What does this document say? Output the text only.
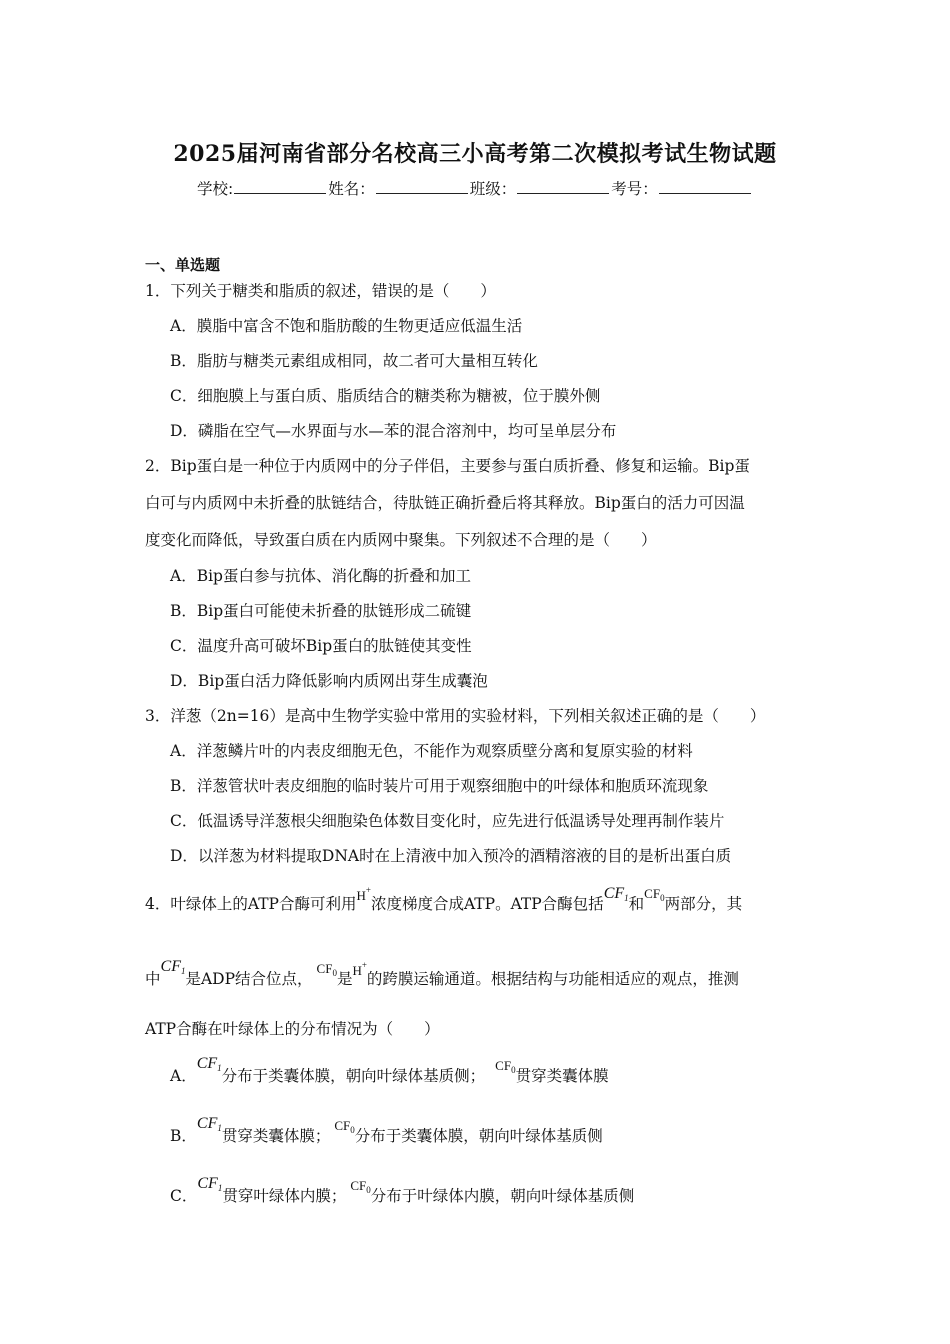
2025届河南省部分名校高三小高考第二次模拟考试生物试题
学校:	姓名：	班级：	考号：
一、单选题
1．下列关于糖类和脂质的叙述，错误的是（　　）
A．膜脂中富含不饱和脂肪酸的生物更适应低温生活
B．脂肪与糖类元素组成相同，故二者可大量相互转化
C．细胞膜上与蛋白质、脂质结合的糖类称为糖被，位于膜外侧
D．磷脂在空气—水界面与水—苯的混合溶剂中，均可呈单层分布
2．Bip蛋白是一种位于内质网中的分子伴侣，主要参与蛋白质折叠、修复和运输。Bip蛋
白可与内质网中未折叠的肽链结合，待肽链正确折叠后将其释放。Bip蛋白的活力可因温
度变化而降低，导致蛋白质在内质网中聚集。下列叙述不合理的是（　　）
A．Bip蛋白参与抗体、消化酶的折叠和加工
B．Bip蛋白可能使未折叠的肽链形成二硫键
C．温度升高可破坏Bip蛋白的肽链使其变性
D．Bip蛋白活力降低影响内质网出芽生成囊泡
3．洋葱（2n=16）是高中生物学实验中常用的实验材料，下列相关叙述正确的是（　　）
A．洋葱鳞片叶的内表皮细胞无色，不能作为观察质壁分离和复原实验的材料
B．洋葱管状叶表皮细胞的临时装片可用于观察细胞中的叶绿体和胞质环流现象
C．低温诱导洋葱根尖细胞染色体数目变化时，应先进行低温诱导处理再制作装片
D．以洋葱为材料提取DNA时在上清液中加入预冷的酒精溶液的目的是析出蛋白质
4．叶绿体上的ATP合酶可利用H+浓度梯度合成ATP。ATP合酶包括$CF_1$和$CF_0$两部分，其
中$CF_1$是ADP结合位点，$CF_0$是H+的跨膜运输通道。根据结构与功能相适应的观点，推测
ATP合酶在叶绿体上的分布情况为（　　）
A．$CF_1$分布于类囊体膜，朝向叶绿体基质侧；$CF_0$贯穿类囊体膜
B．$CF_1$贯穿类囊体膜；$CF_0$分布于类囊体膜，朝向叶绿体基质侧
C．$CF_1$贯穿叶绿体内膜；$CF_0$分布于叶绿体内膜，朝向叶绿体基质侧
